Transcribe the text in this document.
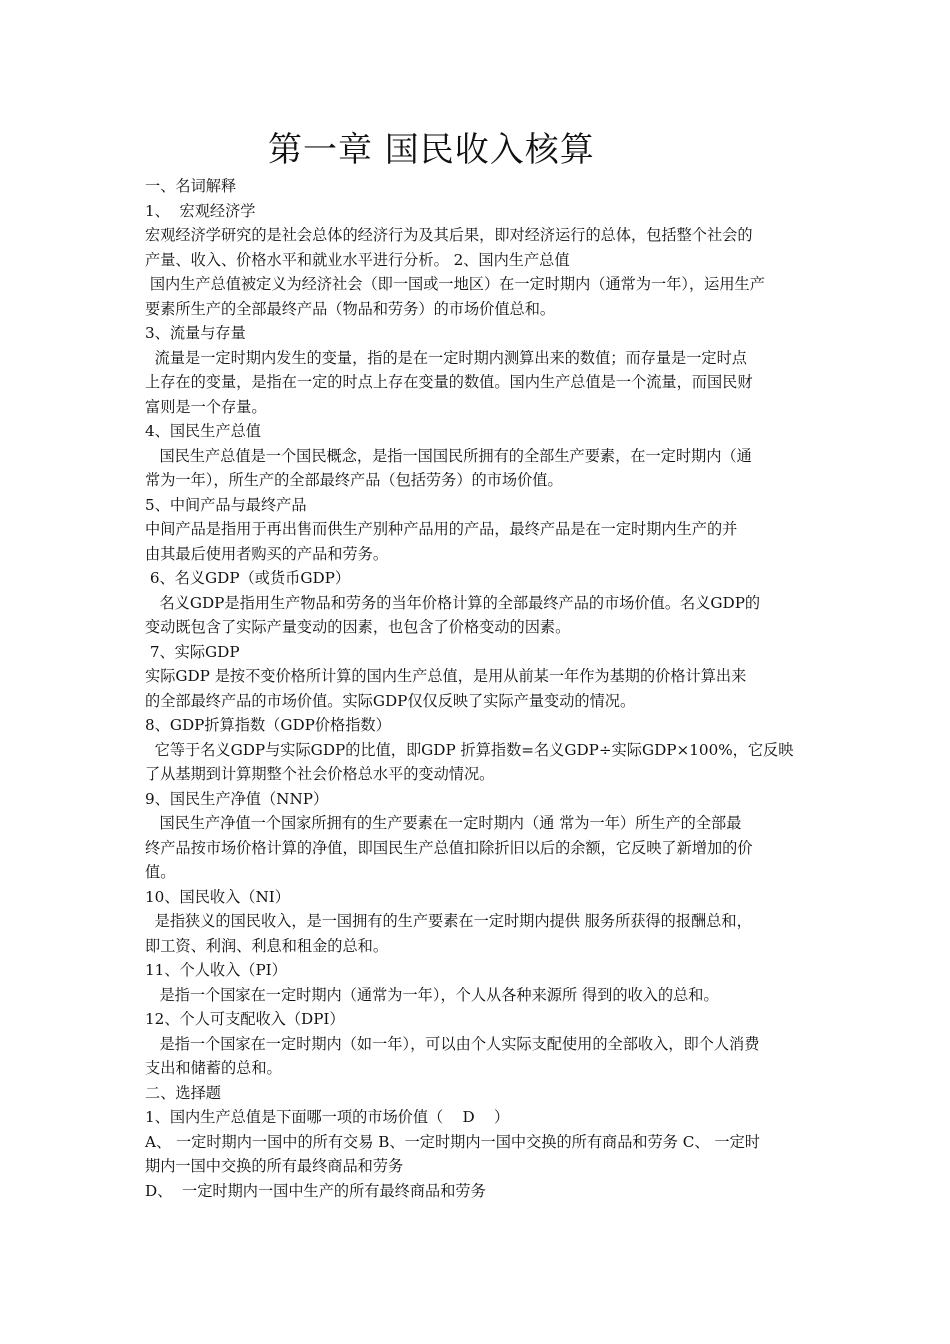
第一章 国民收入核算
一、名词解释
1、  宏观经济学
宏观经济学研究的是社会总体的经济行为及其后果，即对经济运行的总体，包括整个社会的
产量、收入、价格水平和就业水平进行分析。 2、国内生产总值
国内生产总值被定义为经济社会（即一国或一地区）在一定时期内（通常为一年），运用生产
要素所生产的全部最终产品（物品和劳务）的市场价值总和。
3、流量与存量
流量是一定时期内发生的变量，指的是在一定时期内测算出来的数值；而存量是一定时点
上存在的变量，是指在一定的时点上存在变量的数值。国内生产总值是一个流量，而国民财
富则是一个存量。
4、国民生产总值
国民生产总值是一个国民概念，是指一国国民所拥有的全部生产要素，在一定时期内（通
常为一年），所生产的全部最终产品（包括劳务）的市场价值。
5、中间产品与最终产品
中间产品是指用于再出售而供生产别种产品用的产品，最终产品是在一定时期内生产的并
由其最后使用者购买的产品和劳务。
6、名义GDP（或货币GDP）
名义GDP是指用生产物品和劳务的当年价格计算的全部最终产品的市场价值。名义GDP的
变动既包含了实际产量变动的因素，也包含了价格变动的因素。
7、实际GDP
实际GDP 是按不变价格所计算的国内生产总值，是用从前某一年作为基期的价格计算出来
的全部最终产品的市场价值。实际GDP仅仅反映了实际产量变动的情况。
8、GDP折算指数（GDP价格指数）
它等于名义GDP与实际GDP的比值，即GDP 折算指数=名义GDP÷实际GDP×100%，它反映
了从基期到计算期整个社会价格总水平的变动情况。
9、国民生产净值（NNP）
国民生产净值一个国家所拥有的生产要素在一定时期内（通 常为一年）所生产的全部最
终产品按市场价格计算的净值，即国民生产总值扣除折旧以后的余额，它反映了新增加的价
值。
10、国民收入（NI）
是指狭义的国民收入，是一国拥有的生产要素在一定时期内提供 服务所获得的报酬总和，
即工资、利润、利息和租金的总和。
11、个人收入（PI）
是指一个国家在一定时期内（通常为一年），个人从各种来源所 得到的收入的总和。
12、个人可支配收入（DPI）
是指一个国家在一定时期内（如一年），可以由个人实际支配使用的全部收入，即个人消费
支出和储蓄的总和。
二、选择题
1、国内生产总值是下面哪一项的市场价值（    D    ）
A、 一定时期内一国中的所有交易 B、一定时期内一国中交换的所有商品和劳务 C、 一定时
期内一国中交换的所有最终商品和劳务
D、  一定时期内一国中生产的所有最终商品和劳务
